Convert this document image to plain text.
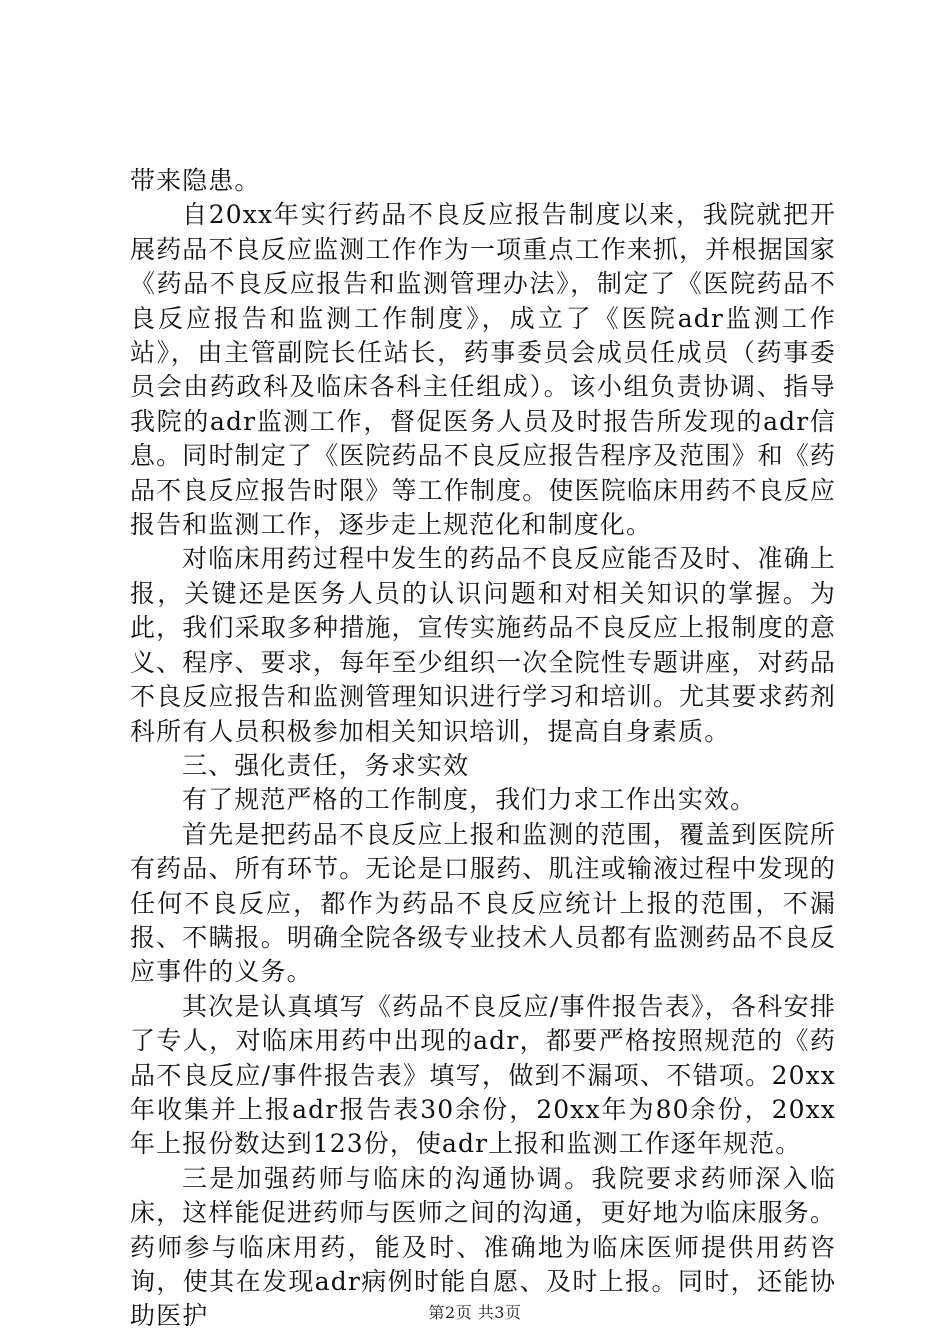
带来隐患。

自20xx年实行药品不良反应报告制度以来，我院就把开展药品不良反应监测工作作为一项重点工作来抓，并根据国家《药品不良反应报告和监测管理办法》，制定了《医院药品不良反应报告和监测工作制度》，成立了《医院adr监测工作站》，由主管副院长任站长，药事委员会成员任成员（药事委员会由药政科及临床各科主任组成）。该小组负责协调、指导我院的adr监测工作，督促医务人员及时报告所发现的adr信息。同时制定了《医院药品不良反应报告程序及范围》和《药品不良反应报告时限》等工作制度。使医院临床用药不良反应报告和监测工作，逐步走上规范化和制度化。

对临床用药过程中发生的药品不良反应能否及时、准确上报，关键还是医务人员的认识问题和对相关知识的掌握。为此，我们采取多种措施，宣传实施药品不良反应上报制度的意义、程序、要求，每年至少组织一次全院性专题讲座，对药品不良反应报告和监测管理知识进行学习和培训。尤其要求药剂科所有人员积极参加相关知识培训，提高自身素质。

三、强化责任，务求实效

有了规范严格的工作制度，我们力求工作出实效。

首先是把药品不良反应上报和监测的范围，覆盖到医院所有药品、所有环节。无论是口服药、肌注或输液过程中发现的任何不良反应，都作为药品不良反应统计上报的范围，不漏报、不瞒报。明确全院各级专业技术人员都有监测药品不良反应事件的义务。

其次是认真填写《药品不良反应/事件报告表》，各科安排了专人，对临床用药中出现的adr，都要严格按照规范的《药品不良反应/事件报告表》填写，做到不漏项、不错项。20xx年收集并上报adr报告表30余份，20xx年为80余份，20xx年上报份数达到123份，使adr上报和监测工作逐年规范。

三是加强药师与临床的沟通协调。我院要求药师深入临床，这样能促进药师与医师之间的沟通，更好地为临床服务。药师参与临床用药，能及时、准确地为临床医师提供用药咨询，使其在发现adr病例时能自愿、及时上报。同时，还能协助医护	第2页 共3页
